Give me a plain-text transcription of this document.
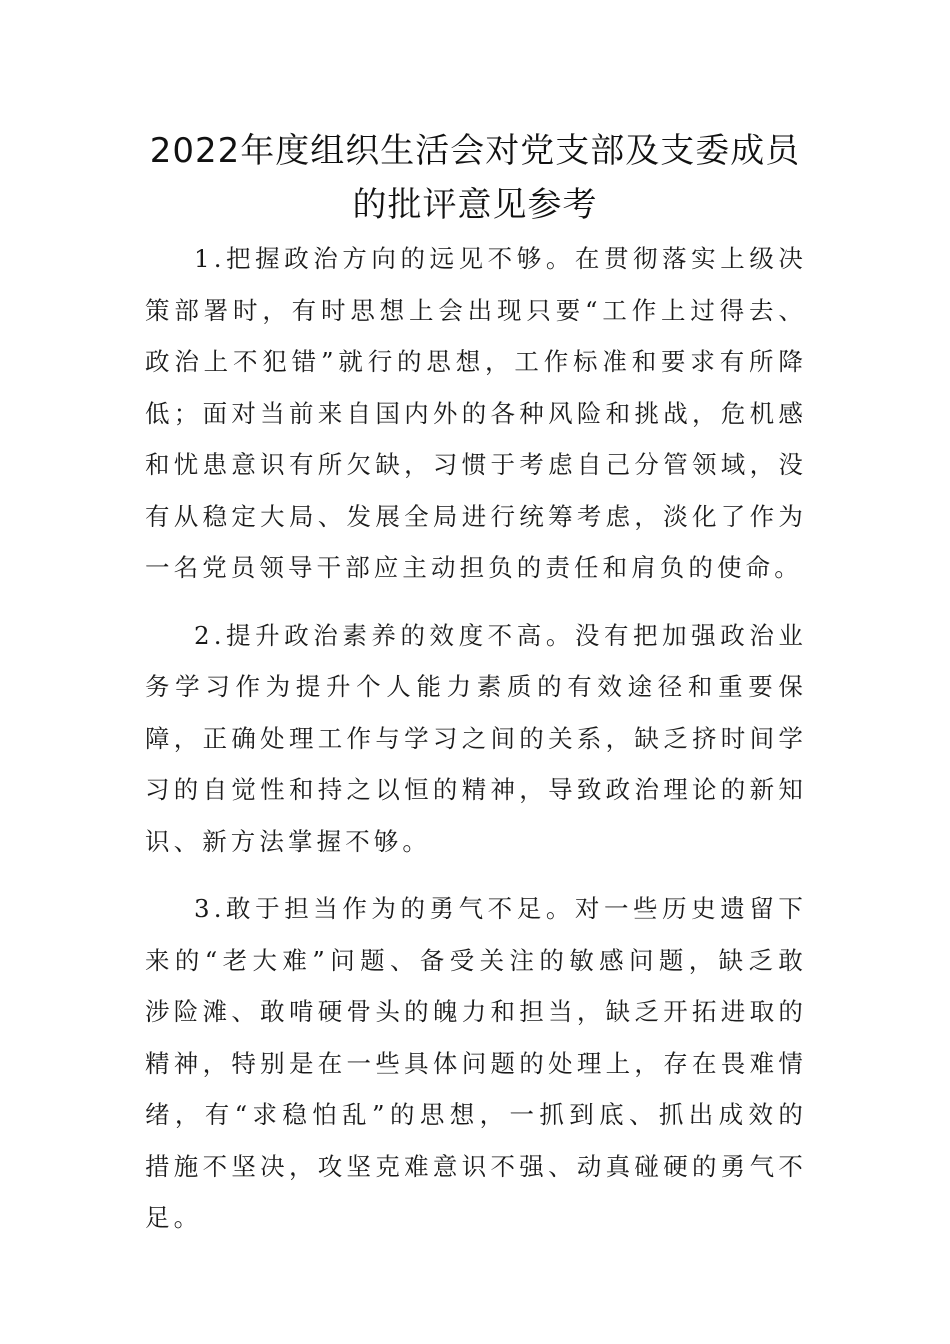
2022年度组织生活会对党支部及支委成员
的批评意见参考

1.把握政治方向的远见不够。在贯彻落实上级决策部署时，有时思想上会出现只要“工作上过得去、政治上不犯错”就行的思想，工作标准和要求有所降低；面对当前来自国内外的各种风险和挑战，危机感和忧患意识有所欠缺，习惯于考虑自己分管领域，没有从稳定大局、发展全局进行统筹考虑，淡化了作为一名党员领导干部应主动担负的责任和肩负的使命。

2.提升政治素养的效度不高。没有把加强政治业务学习作为提升个人能力素质的有效途径和重要保障，正确处理工作与学习之间的关系，缺乏挤时间学习的自觉性和持之以恒的精神，导致政治理论的新知识、新方法掌握不够。

3.敢于担当作为的勇气不足。对一些历史遗留下来的“老大难”问题、备受关注的敏感问题，缺乏敢涉险滩、敢啃硬骨头的魄力和担当，缺乏开拓进取的精神，特别是在一些具体问题的处理上，存在畏难情绪，有“求稳怕乱”的思想，一抓到底、抓出成效的措施不坚决，攻坚克难意识不强、动真碰硬的勇气不足。
